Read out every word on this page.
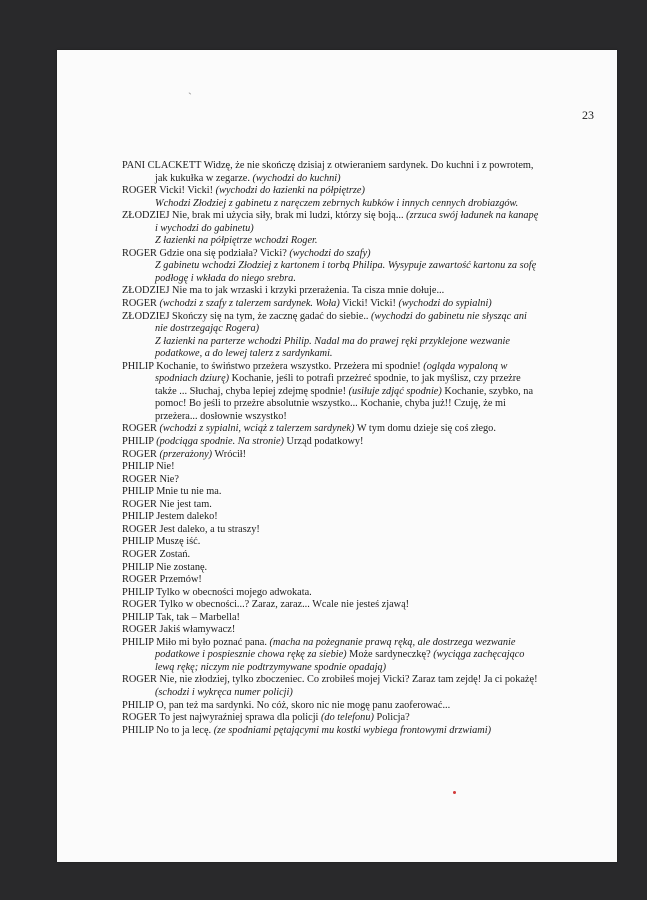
`
23

PANI CLACKETT Widzę, że nie skończę dzisiaj z otwieraniem sardynek. Do kuchni i z powrotem, jak kukułka w zegarze. (wychodzi do kuchni)

ROGER Vicki! Vicki! (wychodzi do łazienki na półpiętrze)

Wchodzi Złodziej z gabinetu z naręczem zebrnych kubków i innych cennych drobiazgów.

ZŁODZIEJ Nie, brak mi użycia siły, brak mi ludzi, którzy się boją... (zrzuca swój ładunek na kanapę i wychodzi do gabinetu)

Z łazienki na półpiętrze wchodzi Roger.

ROGER Gdzie ona się podziała? Vicki? (wychodzi do szafy)

Z gabinetu wchodzi Złodziej z kartonem i torbą Philipa. Wysypuje zawartość kartonu za sofę podłogę i wkłada do niego srebra.

ZŁODZIEJ Nie ma to jak wrzaski i krzyki przerażenia. Ta cisza mnie dołuje...

ROGER (wchodzi z szafy z talerzem sardynek. Woła) Vicki! Vicki! (wychodzi do sypialni)

ZŁODZIEJ Skończy się na tym, że zacznę gadać do siebie.. (wychodzi do gabinetu nie słysząc ani nie dostrzegając Rogera)

Z łazienki na parterze wchodzi Philip. Nadal ma do prawej ręki przyklejone wezwanie podatkowe, a do lewej talerz z sardynkami.

PHILIP Kochanie, to świństwo przeżera wszystko. Przeżera mi spodnie! (ogląda wypaloną w spodniach dziurę) Kochanie, jeśli to potrafi przeżreć spodnie, to jak myślisz, czy przeżre także ... Słuchaj, chyba lepiej zdejmę spodnie! (usiłuje zdjąć spodnie) Kochanie, szybko, na pomoc! Bo jeśli to przeżre absolutnie wszystko... Kochanie, chyba już!! Czuję, że mi przeżera... dosłownie wszystko!

ROGER (wchodzi z sypialni, wciąż z talerzem sardynek) W tym domu dzieje się coś złego.

PHILIP (podciąga spodnie. Na stronie) Urząd podatkowy!

ROGER (przerażony) Wrócił!

PHILIP Nie!

ROGER Nie?

PHILIP Mnie tu nie ma.

ROGER Nie jest tam.

PHILIP Jestem daleko!

ROGER Jest daleko, a tu straszy!

PHILIP Muszę iść.

ROGER Zostań.

PHILIP Nie zostanę.

ROGER Przemów!

PHILIP Tylko w obecności mojego adwokata.

ROGER Tylko w obecności...? Zaraz, zaraz... Wcale nie jesteś zjawą!

PHILIP Tak, tak – Marbella!

ROGER Jakiś włamywacz!

PHILIP Miło mi było poznać pana. (macha na pożegnanie prawą ręką, ale dostrzega wezwanie podatkowe i pospiesznie chowa rękę za siebie) Może sardyneczkę? (wyciąga zachęcająco lewą rękę; niczym nie podtrzymywane spodnie opadają)

ROGER Nie, nie złodziej, tylko zboczeniec. Co zrobiłeś mojej Vicki? Zaraz tam zejdę! Ja ci pokażę! (schodzi i wykręca numer policji)

PHILIP O, pan też ma sardynki. No cóż, skoro nic nie mogę panu zaoferować...

ROGER To jest najwyraźniej sprawa dla policji (do telefonu) Policja?

PHILIP No to ja lecę. (ze spodniami pętającymi mu kostki wybiega frontowymi drzwiami)
